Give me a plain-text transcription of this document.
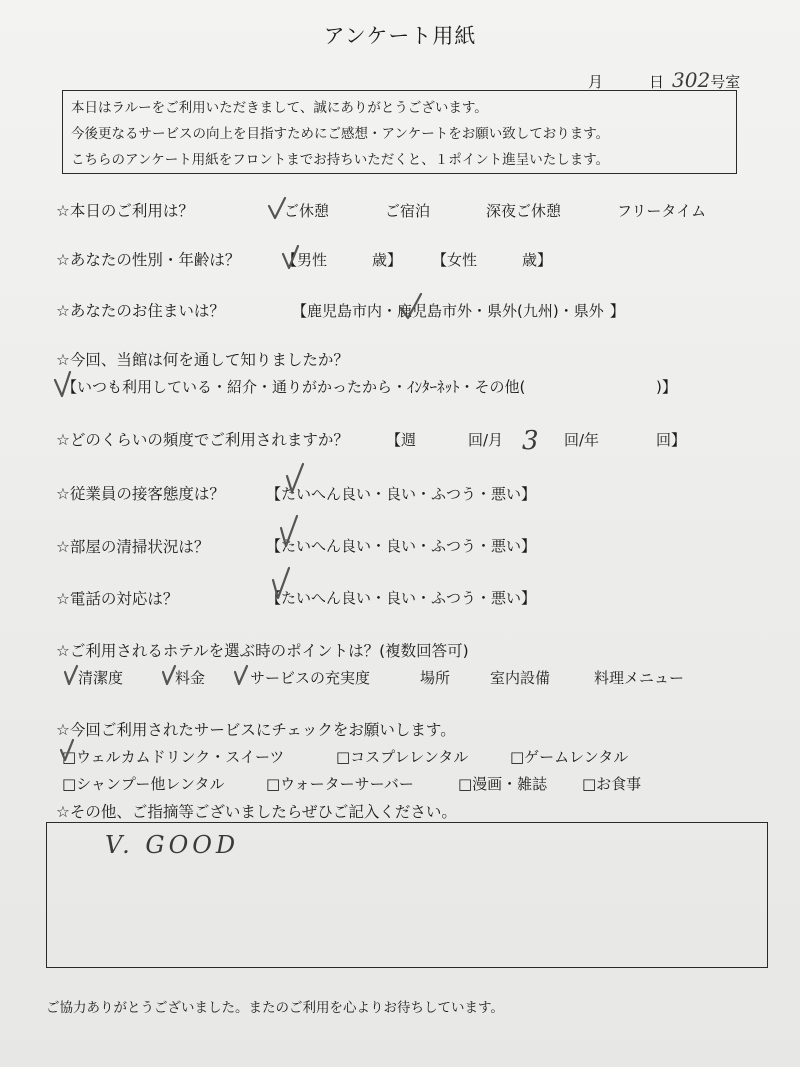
アンケート用紙
月	日 302号室
本日はラルーをご利用いただきまして、誠にありがとうございます。
今後更なるサービスの向上を目指すためにご感想・アンケートをお願い致しております。
こちらのアンケート用紙をフロントまでお持ちいただくと、１ポイント進呈いたします。
☆本日のご利用は？	ご休憩	ご宿泊	深夜ご休憩	フリータイム
☆あなたの性別・年齢は？	【男性　　　歳】 【女性　　　歳】
☆あなたのお住まいは？	【鹿児島市内・鹿児島市外・県外(九州)・県外 】
☆今回、当館は何を通して知りましたか？
【いつも利用している・紹介・通りがかったから・ｲﾝﾀｰﾈｯﾄ・その他(	)】
☆どのくらいの頻度でご利用されますか？ 【週	回/月 3 回/年	回】
☆従業員の接客態度は？	【たいへん良い・良い・ふつう・悪い】
☆部屋の清掃状況は？	【たいへん良い・良い・ふつう・悪い】
☆電話の対応は？	【たいへん良い・良い・ふつう・悪い】
☆ご利用されるホテルを選ぶ時のポイントは？(複数回答可)
清潔度	料金	サービスの充実度	場所	室内設備	料理メニュー
☆今回ご利用されたサービスにチェックをお願いします。
□ウェルカムドリンク・スイーツ	□コスプレレンタル	□ゲームレンタル
□シャンプー他レンタル	□ウォーターサーバー	□漫画・雑誌 □お食事
☆その他、ご指摘等ございましたらぜひご記入ください。
V. GOOD
ご協力ありがとうございました。またのご利用を心よりお待ちしています。
